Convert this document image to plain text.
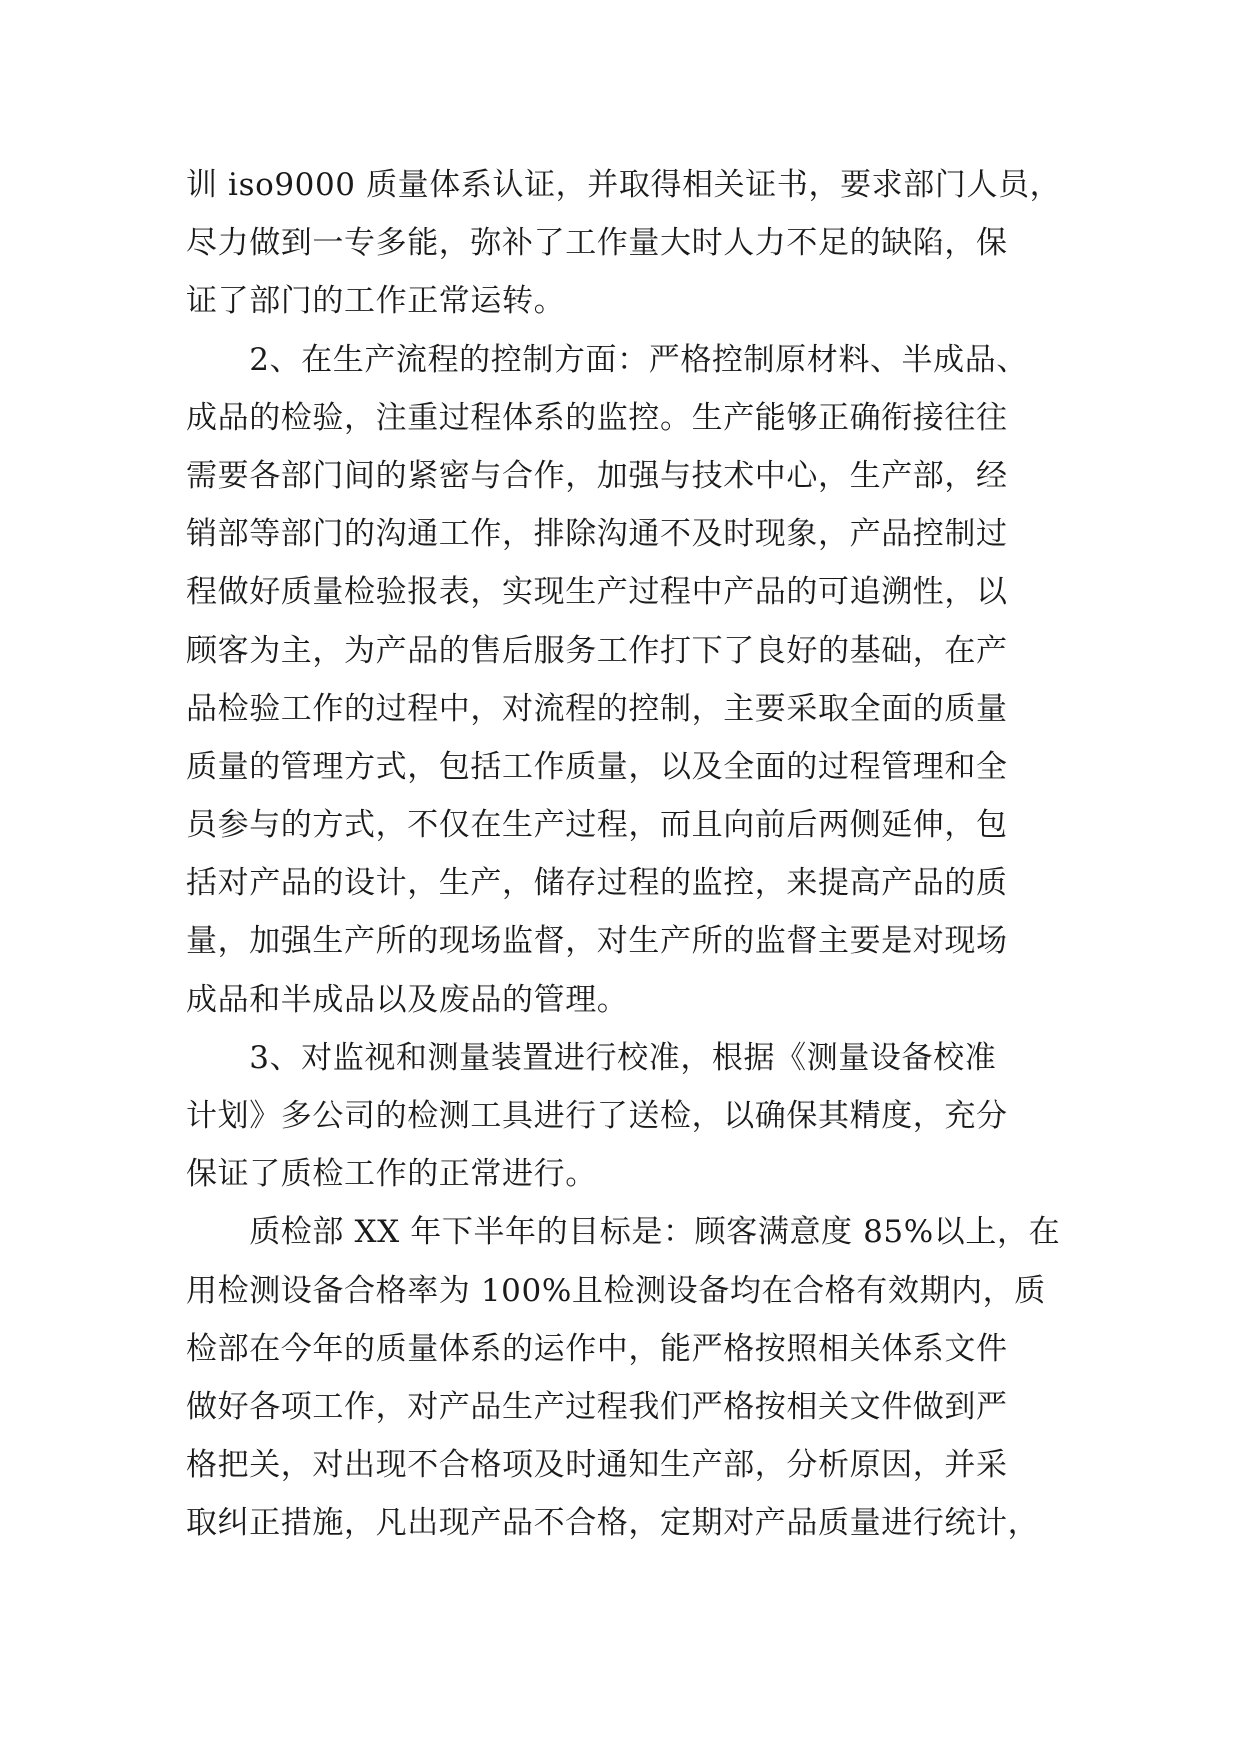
训 iso9000 质量体系认证，并取得相关证书，要求部门人员，
尽力做到一专多能，弥补了工作量大时人力不足的缺陷，保
证了部门的工作正常运转。
　　2、在生产流程的控制方面：严格控制原材料、半成品、
成品的检验，注重过程体系的监控。生产能够正确衔接往往
需要各部门间的紧密与合作，加强与技术中心，生产部，经
销部等部门的沟通工作，排除沟通不及时现象，产品控制过
程做好质量检验报表，实现生产过程中产品的可追溯性，以
顾客为主，为产品的售后服务工作打下了良好的基础，在产
品检验工作的过程中，对流程的控制，主要采取全面的质量
质量的管理方式，包括工作质量，以及全面的过程管理和全
员参与的方式，不仅在生产过程，而且向前后两侧延伸，包
括对产品的设计，生产，储存过程的监控，来提高产品的质
量，加强生产所的现场监督，对生产所的监督主要是对现场
成品和半成品以及废品的管理。
　　3、对监视和测量装置进行校准，根据《测量设备校准
计划》多公司的检测工具进行了送检，以确保其精度，充分
保证了质检工作的正常进行。
　　质检部 XX 年下半年的目标是：顾客满意度 85%以上，在
用检测设备合格率为 100%且检测设备均在合格有效期内，质
检部在今年的质量体系的运作中，能严格按照相关体系文件
做好各项工作，对产品生产过程我们严格按相关文件做到严
格把关，对出现不合格项及时通知生产部，分析原因，并采
取纠正措施，凡出现产品不合格，定期对产品质量进行统计，
